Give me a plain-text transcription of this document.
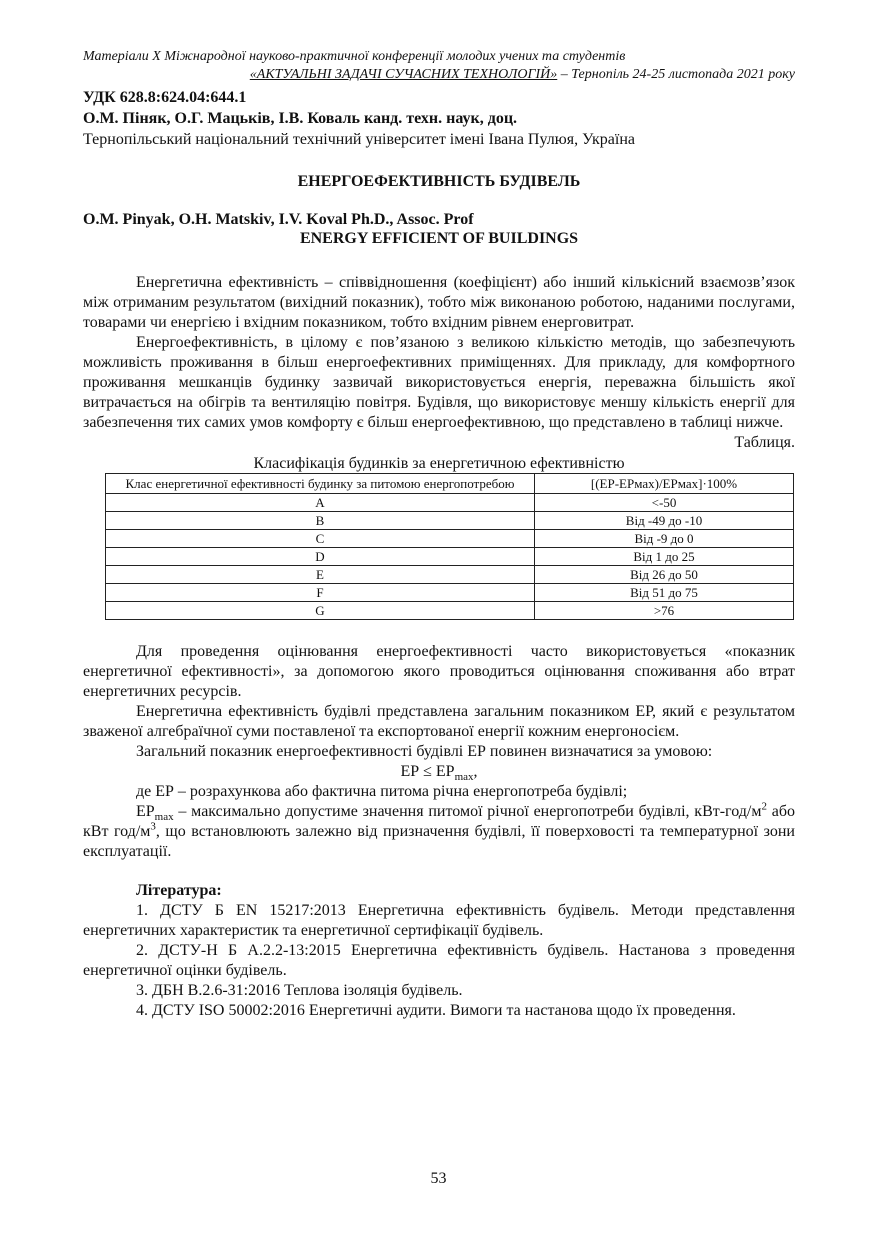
Матеріали X Міжнародної науково-практичної конференції молодих учених та студентів
«АКТУАЛЬНІ ЗАДАЧІ СУЧАСНИХ ТЕХНОЛОГІЙ» – Тернопіль 24-25 листопада 2021 року
УДК 628.8:624.04:644.1
О.М. Піняк, О.Г. Мацьків, І.В. Коваль канд. техн. наук, доц.
Тернопільський національний технічний університет імені Івана Пулюя, Україна
ЕНЕРГОЕФЕКТИВНІСТЬ БУДІВЕЛЬ
O.M. Pinyak, O.H. Matskiv, I.V. Koval Ph.D., Assoc. Prof
ENERGY EFFICIENT OF BUILDINGS

Енергетична ефективність – співвідношення (коефіцієнт) або інший кількісний взаємозв’язок між отриманим результатом (вихідний показник), тобто між виконаною роботою, наданими послугами, товарами чи енергією і вхідним показником, тобто вхідним рівнем енерговитрат.

Енергоефективність, в цілому є пов’язаною з великою кількістю методів, що забезпечують можливість проживання в більш енергоефективних приміщеннях. Для прикладу, для комфортного проживання мешканців будинку зазвичай використовується енергія, переважна більшість якої витрачається на обігрів та вентиляцію повітря. Будівля, що використовує меншу кількість енергії для забезпечення тих самих умов комфорту є більш енергоефективною, що представлено в таблиці нижче.

Таблиця.
Класифікація будинків за енергетичною ефективністю
Клас енергетичної ефективності будинку за питомою енергопотребою	[(ЕР-ЕРмах)/ЕРмах]·100%
A	<-50
B	Від -49 до -10
C	Від -9 до 0
D	Від 1 до 25
E	Від 26 до 50
F	Від 51 до 75
G	>76

Для проведення оцінювання енергоефективності часто використовується «показник енергетичної ефективності», за допомогою якого проводиться оцінювання споживання або втрат енергетичних ресурсів.

Енергетична ефективність будівлі представлена загальним показником ЕР, який є результатом зваженої алгебраїчної суми поставленої та експортованої енергії кожним енергоносієм.

Загальний показник енергоефективності будівлі ЕР повинен визначатися за умовою:

ЕР ≤ $ЕР_{max}$,

де ЕР – розрахункова або фактична питома річна енергопотреба будівлі;

$ЕР_{max}$ – максимально допустиме значення питомої річної енергопотреби будівлі, кВт-$год/м^2$ або кВт год/$м^3$, що встановлюють залежно від призначення будівлі, її поверховості та температурної зони експлуатації.

Література:

1. ДСТУ Б EN 15217:2013 Енергетична ефективність будівель. Методи представлення енергетичних характеристик та енергетичної сертифікації будівель.

2. ДСТУ-Н Б А.2.2-13:2015 Енергетична ефективність будівель. Настанова з проведення енергетичної оцінки будівель.

3. ДБН В.2.6-31:2016 Теплова ізоляція будівель.

4. ДСТУ ISO 50002:2016 Енергетичні аудити. Вимоги та настанова щодо їх проведення.

53
